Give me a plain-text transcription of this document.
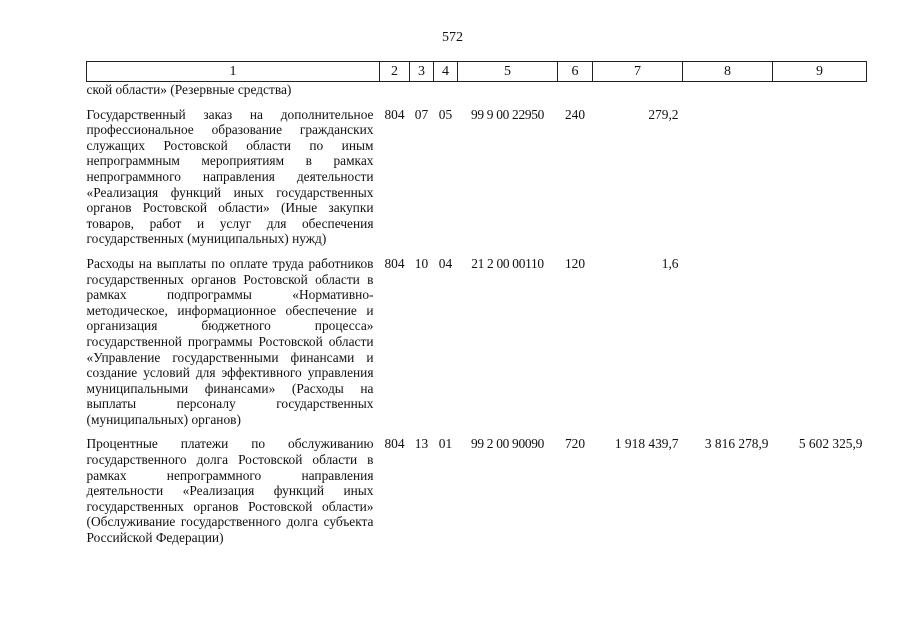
572
1	2	3	4	5	6	7	8	9
ской области» (Резервные средства)								
Государственный заказ на дополнительное профессиональное образование гражданских служащих Ростовской области по иным непрограммным мероприятиям в рамках непрограммного направления деятельности «Реализация функций иных государственных органов Ростовской области» (Иные закупки товаров, работ и услуг для обеспечения государственных (муниципальных) нужд)	804	07	05	99 9 00 22950	240	279,2		
Расходы на выплаты по оплате труда работников государственных органов Ростовской области в рамках подпрограммы «Нормативно-методическое, информационное обеспечение и организация бюджетного процесса» государственной программы Ростовской области «Управление государственными финансами и создание условий для эффективного управления муниципальными финансами» (Расходы на выплаты персоналу государственных (муниципальных) органов)	804	10	04	21 2 00 00110	120	1,6		
Процентные платежи по обслуживанию государственного долга Ростовской области в рамках непрограммного направления деятельности «Реализация функций иных государственных органов Ростовской области» (Обслуживание государственного долга субъекта Российской Федерации)	804	13	01	99 2 00 90090	720	1 918 439,7	3 816 278,9	5 602 325,9
